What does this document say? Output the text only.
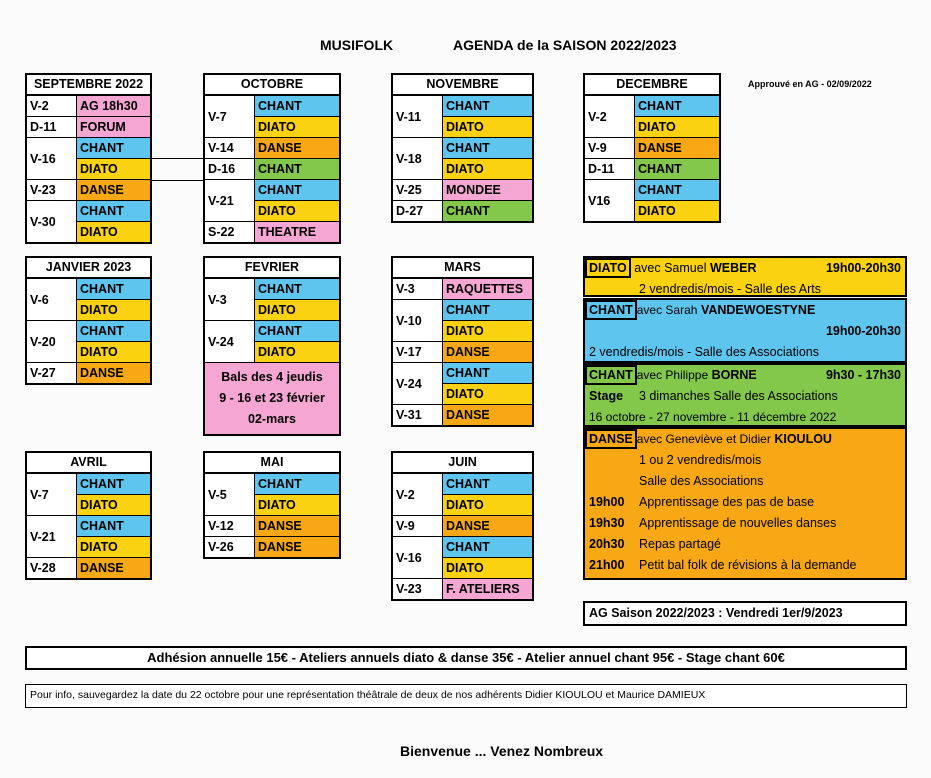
MUSIFOLK	AGENDA de la SAISON 2022/2023
Approuvé en AG - 02/09/2022
SEPTEMBRE 2022
V-2	AG 18h30
D-11	FORUM
V-16
CHANT
DIATO
V-23	DANSE
V-30
CHANT
DIATO
OCTOBRE
V-7
CHANT
DIATO
V-14	DANSE
D-16	CHANT
V-21
CHANT
DIATO
S-22	THEATRE
NOVEMBRE
V-11
CHANT
DIATO
V-18
CHANT
DIATO
V-25	MONDEE
D-27	CHANT
DECEMBRE
V-2
CHANT
DIATO
V-9	DANSE
D-11	CHANT
V16
CHANT
DIATO
JANVIER 2023
V-6
CHANT
DIATO
V-20
CHANT
DIATO
V-27	DANSE
FEVRIER
V-3
CHANT
DIATO
V-24
CHANT
DIATO
Bals des 4 jeudis
9 - 16 et 23 février
02-mars
MARS
V-3	RAQUETTES
V-10
CHANT
DIATO
V-17	DANSE
V-24
CHANT
DIATO
V-31	DANSE
AVRIL
V-7
CHANT
DIATO
V-21
CHANT
DIATO
V-28	DANSE
MAI
V-5
CHANT
DIATO
V-12	DANSE
V-26	DANSE
JUIN
V-2
CHANT
DIATO
V-9	DANSE
V-16
CHANT
DIATO
V-23	F. ATELIERS
DIATO avec Samuel WEBER	19h00-20h30
2 vendredis/mois - Salle des Arts
CHANT avec Sarah VANDEWOESTYNE
19h00-20h30
2 vendredis/mois - Salle des Associations
CHANT avec Philippe BORNE	9h30 - 17h30
Stage 3 dimanches Salle des Associations
16 octobre - 27 novembre - 11 décembre 2022
DANSE avec Geneviève et Didier KIOULOU
1 ou 2 vendredis/mois
Salle des Associations
19h00 Apprentissage des pas de base
19h30 Apprentissage de nouvelles danses
20h30 Repas partagé
21h00 Petit bal folk de révisions à la demande
AG Saison 2022/2023 : Vendredi 1er/9/2023
Adhésion annuelle 15€ - Ateliers annuels diato & danse 35€ - Atelier annuel chant 95€ - Stage chant 60€
Pour info, sauvegardez la date du 22 octobre pour une représentation théâtrale de deux de nos adhérents Didier KIOULOU et Maurice DAMIEUX
Bienvenue ... Venez Nombreux
